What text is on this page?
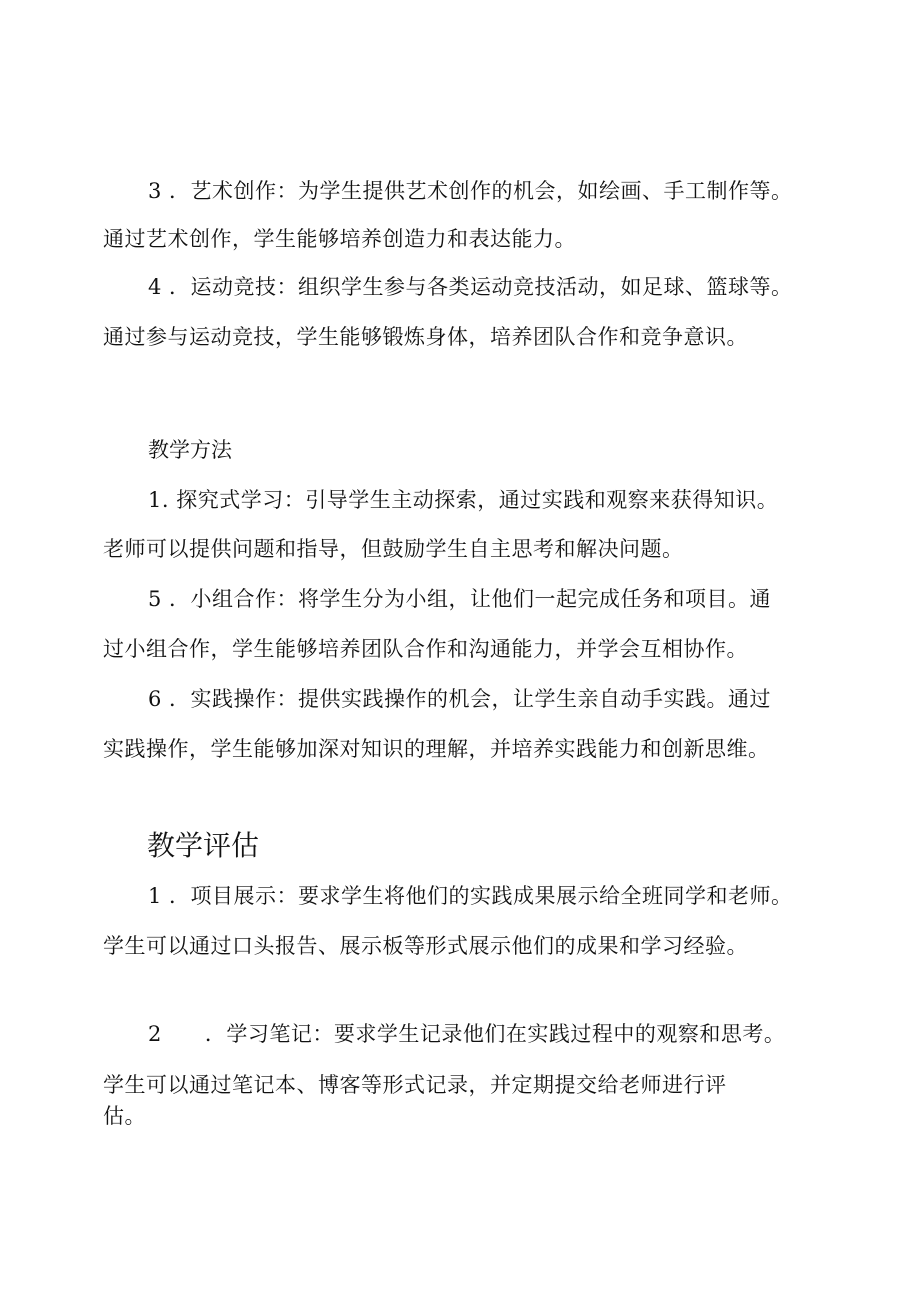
3 ．艺术创作：为学生提供艺术创作的机会，如绘画、手工制作等。
通过艺术创作，学生能够培养创造力和表达能力。
4 ．运动竞技：组织学生参与各类运动竞技活动，如足球、篮球等。
通过参与运动竞技，学生能够锻炼身体，培养团队合作和竞争意识。
教学方法
1. 探究式学习：引导学生主动探索，通过实践和观察来获得知识。
老师可以提供问题和指导，但鼓励学生自主思考和解决问题。
5 ．小组合作：将学生分为小组，让他们一起完成任务和项目。通
过小组合作，学生能够培养团队合作和沟通能力，并学会互相协作。
6 ．实践操作：提供实践操作的机会，让学生亲自动手实践。通过
实践操作，学生能够加深对知识的理解，并培养实践能力和创新思维。
教学评估
1 ．项目展示：要求学生将他们的实践成果展示给全班同学和老师。
学生可以通过口头报告、展示板等形式展示他们的成果和学习经验。
2　　．学习笔记：要求学生记录他们在实践过程中的观察和思考。
学生可以通过笔记本、博客等形式记录，并定期提交给老师进行评
估。
